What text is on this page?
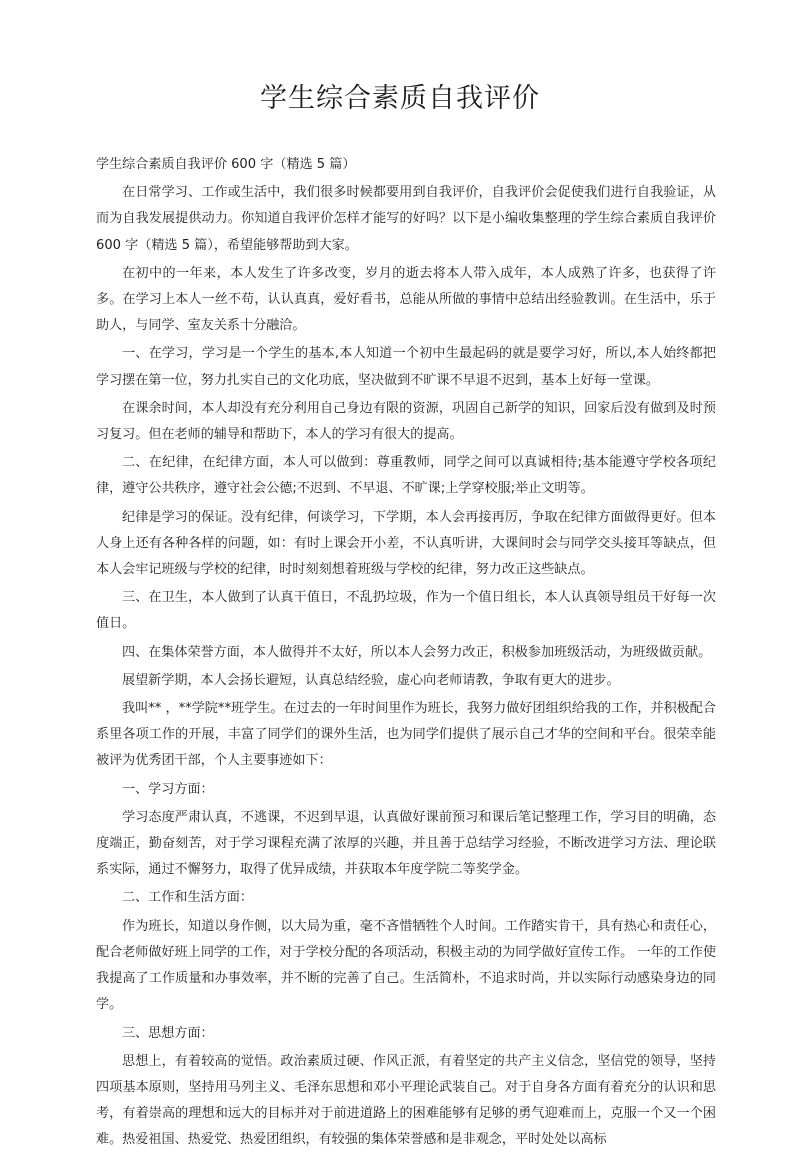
学生综合素质自我评价

学生综合素质自我评价 600 字（精选 5 篇）

在日常学习、工作或生活中，我们很多时候都要用到自我评价，自我评价会促使我们进行自我验证，从而为自我发展提供动力。你知道自我评价怎样才能写的好吗？以下是小编收集整理的学生综合素质自我评价 600 字（精选 5 篇），希望能够帮助到大家。

在初中的一年来，本人发生了许多改变，岁月的逝去将本人带入成年，本人成熟了许多，也获得了许多。在学习上本人一丝不苟，认认真真，爱好看书，总能从所做的事情中总结出经验教训。在生活中，乐于助人，与同学、室友关系十分融洽。

一、在学习，学习是一个学生的基本,本人知道一个初中生最起码的就是要学习好，所以,本人始终都把学习摆在第一位，努力扎实自己的文化功底，坚决做到不旷课不早退不迟到，基本上好每一堂课。

在课余时间，本人却没有充分利用自己身边有限的资源，巩固自己新学的知识，回家后没有做到及时预习复习。但在老师的辅导和帮助下，本人的学习有很大的提高。

二、在纪律，在纪律方面，本人可以做到：尊重教师，同学之间可以真诚相待;基本能遵守学校各项纪律，遵守公共秩序，遵守社会公德;不迟到、不早退、不旷课;上学穿校服;举止文明等。

纪律是学习的保证。没有纪律，何谈学习，下学期，本人会再接再厉，争取在纪律方面做得更好。但本人身上还有各种各样的问题，如：有时上课会开小差，不认真听讲，大课间时会与同学交头接耳等缺点，但本人会牢记班级与学校的纪律，时时刻刻想着班级与学校的纪律，努力改正这些缺点。

三、在卫生，本人做到了认真干值日，不乱扔垃圾，作为一个值日组长，本人认真领导组员干好每一次值日。

四、在集体荣誉方面，本人做得并不太好，所以本人会努力改正，积极参加班级活动，为班级做贡献。

展望新学期，本人会扬长避短，认真总结经验，虚心向老师请教，争取有更大的进步。

我叫** ，**学院**班学生。在过去的一年时间里作为班长，我努力做好团组织给我的工作，并积极配合系里各项工作的开展，丰富了同学们的课外生活，也为同学们提供了展示自己才华的空间和平台。很荣幸能被评为优秀团干部，个人主要事迹如下：

一、学习方面：

学习态度严肃认真，不逃课，不迟到早退，认真做好课前预习和课后笔记整理工作，学习目的明确，态度端正，勤奋刻苦，对于学习课程充满了浓厚的兴趣，并且善于总结学习经验，不断改进学习方法、理论联系实际，通过不懈努力，取得了优异成绩，并获取本年度学院二等奖学金。

二、工作和生活方面：

作为班长，知道以身作侧，以大局为重，毫不吝惜牺牲个人时间。工作踏实肯干，具有热心和责任心，配合老师做好班上同学的工作，对于学校分配的各项活动，积极主动的为同学做好宣传工作。 一年的工作使我提高了工作质量和办事效率，并不断的完善了自己。生活简朴，不追求时尚，并以实际行动感染身边的同学。

三、思想方面：

思想上，有着较高的觉悟。政治素质过硬、作风正派，有着坚定的共产主义信念，坚信党的领导，坚持四项基本原则，坚持用马列主义、毛泽东思想和邓小平理论武装自己。对于自身各方面有着充分的认识和思考，有着崇高的理想和远大的目标并对于前进道路上的困难能够有足够的勇气迎难而上，克服一个又一个困难。热爱祖国、热爱党、热爱团组织，有较强的集体荣誉感和是非观念，平时处处以高标
